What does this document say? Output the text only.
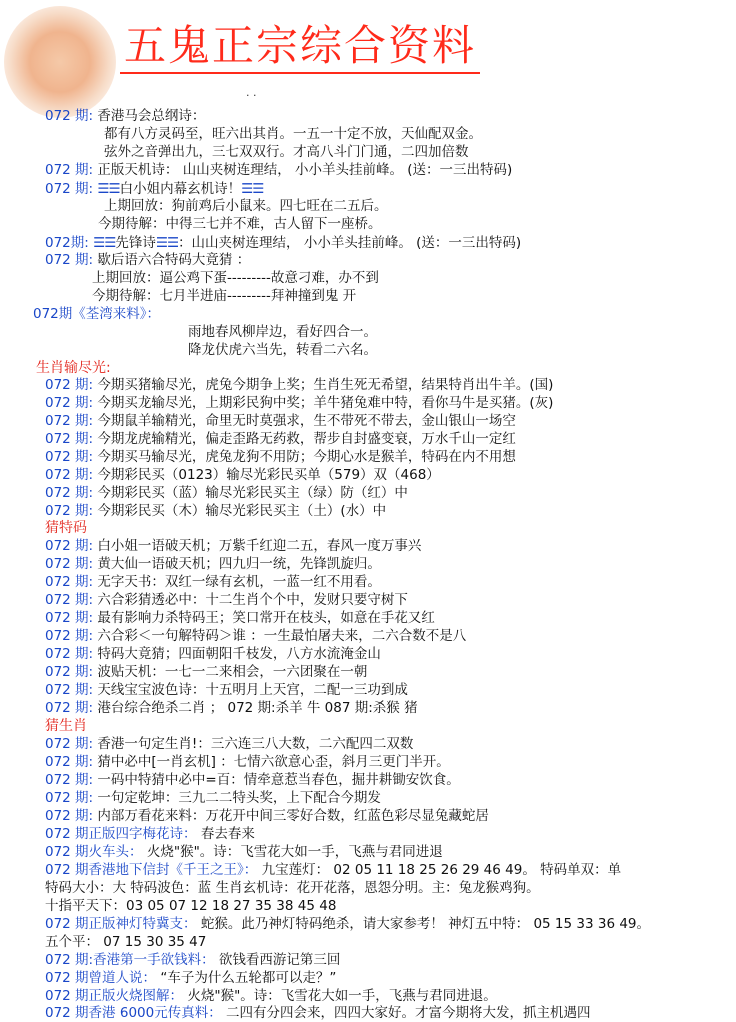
五鬼正宗综合资料
. .
072 期: 香港马会总纲诗：
都有八方灵码至，旺六出其肖。一五一十定不放，天仙配双金。
弦外之音弹出九，三七双双行。才高八斗门门通，二四加倍数
072 期: 正版天机诗： 山山夹树连理结， 小小羊头挂前峰。 (送：一三出特码)
072 期: ☰☰白小姐内幕玄机诗！☰☰
上期回放：狗前鸡后小鼠来。四七旺在二五后。
今期待解：中得三七并不难，古人留下一座桥。
072期: ☰☰先锋诗☰☰：山山夹树连理结， 小小羊头挂前峰。 (送：一三出特码)
072 期: 歇后语六合特码大竟猜 ：
上期回放：逼公鸡下蛋---------故意刁难，办不到
今期待解：七月半进庙---------拜神撞到鬼 开
072期《荃湾来料》：
雨地春风柳岸边，看好四合一。
降龙伏虎六当先，转看二六名。
生肖输尽光:
072 期: 今期买猪输尽光，虎兔今期争上奖；生肖生死无希望，结果特肖出牛羊。(国)
072 期: 今期买龙输尽光，上期彩民狗中奖；羊牛猪兔难中特，看你马牛是买猪。(灰)
072 期: 今期鼠羊输精光，命里无时莫强求，生不带死不带去，金山银山一场空
072 期: 今期龙虎输精光，偏走歪路无药救，帮步自封盛变衰，万水千山一定红
072 期: 今期买马输尽光，虎兔龙狗不用防；今期心水是猴羊，特码在内不用想
072 期: 今期彩民买（0123）输尽光彩民买单（579）双（468）
072 期: 今期彩民买（蓝）输尽光彩民买主（绿）防（红）中
072 期: 今期彩民买（木）输尽光彩民买主（土）(水）中
猜特码
072 期: 白小姐一语破天机；万紫千红迎二五，春风一度万事兴
072 期: 黄大仙一语破天机；四九归一统，先锋凯旋归。
072 期: 无字天书：双红一绿有玄机，一蓝一红不用看。
072 期: 六合彩猜透必中：十二生肖个个中，发财只要守树下
072 期: 最有影响力杀特码王；笑口常开在枝头，如意在手花又红
072 期: 六合彩＜一句解特码＞谁 ：一生最怕屠夫来，二六合数不是八
072 期: 特码大竟猜；四面朝阳千枝发，八方水流淹金山
072 期: 波贴天机：一七一二来相会，一六团聚在一朝
072 期: 天线宝宝波色诗：十五明月上天宫，二配一三功到成
072 期: 港台综合绝杀二肖 ； 072 期:杀羊 牛 087 期:杀猴 猪
猜生肖
072 期: 香港一句定生肖!：三六连三八大数，二六配四二双数
072 期: 猜中必中[一肖玄机] ：七情六欲意心歪，斜月三更门半开。
072 期: 一码中特猜中必中=百：情牵意惹当春色，掘井耕锄安饮食。
072 期: 一句定乾坤：三九二二特头奖，上下配合今期发
072 期: 内部万看花来料：万花开中间三零好合数，红蓝色彩尽显兔藏蛇居
072 期正版四字梅花诗： 春去春来
072 期火车头： 火烧"猴"。诗：飞雪花大如一手，飞燕与君同进退
072 期香港地下信封《千王之王》： 九宝莲灯： 02 05 11 18 25 26 29 46 49。 特码单双：单
特码大小：大 特码波色：蓝 生肖玄机诗：花开花落，恩怨分明。主：兔龙猴鸡狗。
十指平天下：03 05 07 12 18 27 35 38 45 48
072 期正版神灯特冀支： 蛇猴。此乃神灯特码绝杀，请大家参考！ 神灯五中特： 05 15 33 36 49。
五个平： 07 15 30 35 47
072 期:香港第一手欲钱料： 欲钱看西游记第三回
072 期曾道人说： “车子为什么五轮都可以走？”
072 期正版火烧图解： 火烧"猴"。诗：飞雪花大如一手，飞燕与君同进退。
072 期香港 6000元传真料： 二四有分四会来，四四大家好。才富今期将大发，抓主机遇四
